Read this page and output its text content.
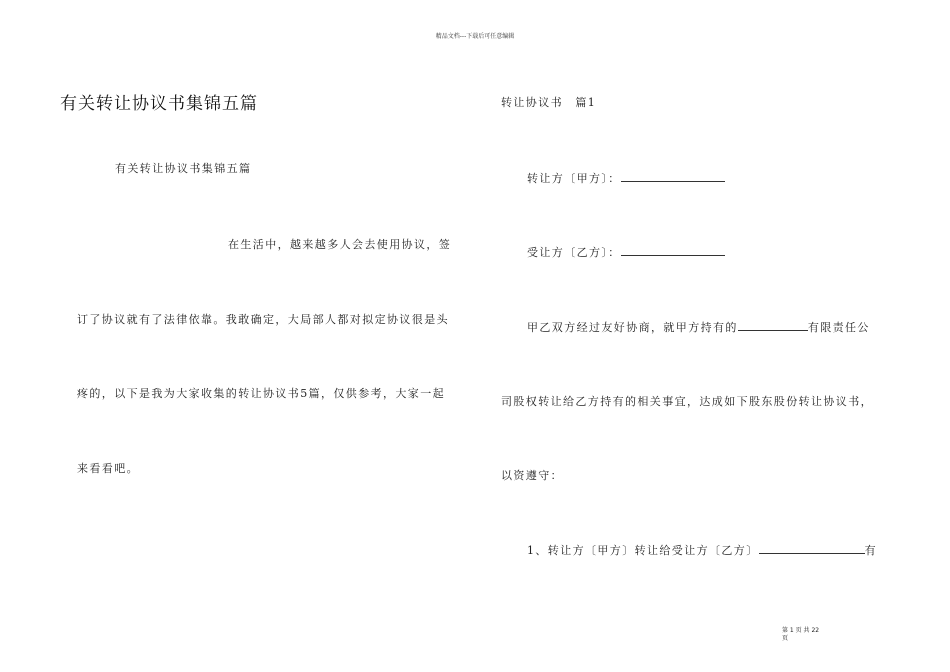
精品文档---下载后可任意编辑
有关转让协议书集锦五篇
有关转让协议书集锦五篇
在生活中，越来越多人会去使用协议，签
订了协议就有了法律依靠。我敢确定，大局部人都对拟定协议很是头
疼的，以下是我为大家收集的转让协议书5篇，仅供参考，大家一起
来看看吧。
转让协议书　篇1
转让方〔甲方〕：
受让方〔乙方〕：
甲乙双方经过友好协商，就甲方持有的	有限责任公
司股权转让给乙方持有的相关事宜，达成如下股东股份转让协议书，
以资遵守：
1、转让方〔甲方〕转让给受让方〔乙方〕	有
第 1 页 共 22
页
